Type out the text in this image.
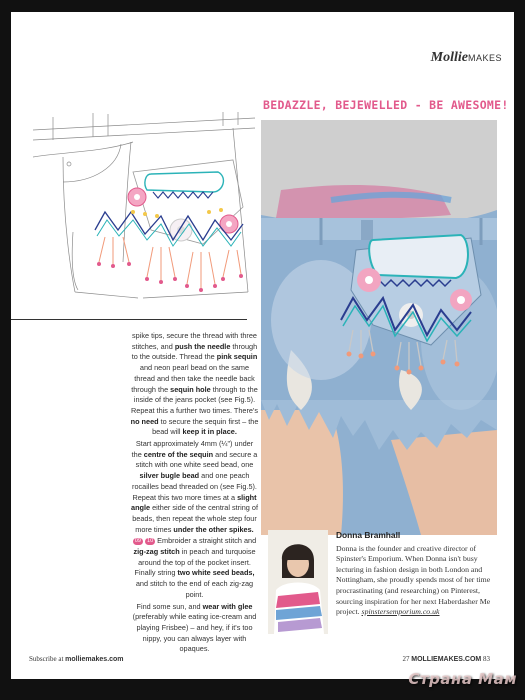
MollieMAKES
BEDAZZLE, BEJEWELLED - BE AWESOME!

spike tips, secure the thread with three stitches, and push the needle through to the outside. Thread the pink sequin and neon pearl bead on the same thread and then take the needle back through the sequin hole through to the inside of the jeans pocket (see Fig.5). Repeat this a further two times. There's no need to secure the sequin first – the bead will keep it in place.

Start approximately 4mm (¼") under the centre of the sequin and secure a stitch with one white seed bead, one silver bugle bead and one peach rocailles bead threaded on (see Fig.5). Repeat this two more times at a slight angle either side of the central string of beads, then repeat the whole step four more times under the other spikes.

09 10 Embroider a straight stitch and zig-zag stitch in peach and turquoise around the top of the pocket insert. Finally string two white seed beads, and stitch to the end of each zig-zag point.

Find some sun, and wear with glee (preferably while eating ice-cream and playing Frisbee) – and hey, if it's too nippy, you can always layer with opaques.

Donna Bramhall
Donna is the founder and creative director of Spinster's Emporium. When Donna isn't busy lecturing in fashion design in both London and Nottingham, she proudly spends most of her time procrastinating (and researching) on Pinterest, sourcing inspiration for her next Haberdasher Me project. spinstersemporium.co.uk
Subscribe at molliemakes.com	27 MOLLIEMAKES.COM 83
Страна Мам
